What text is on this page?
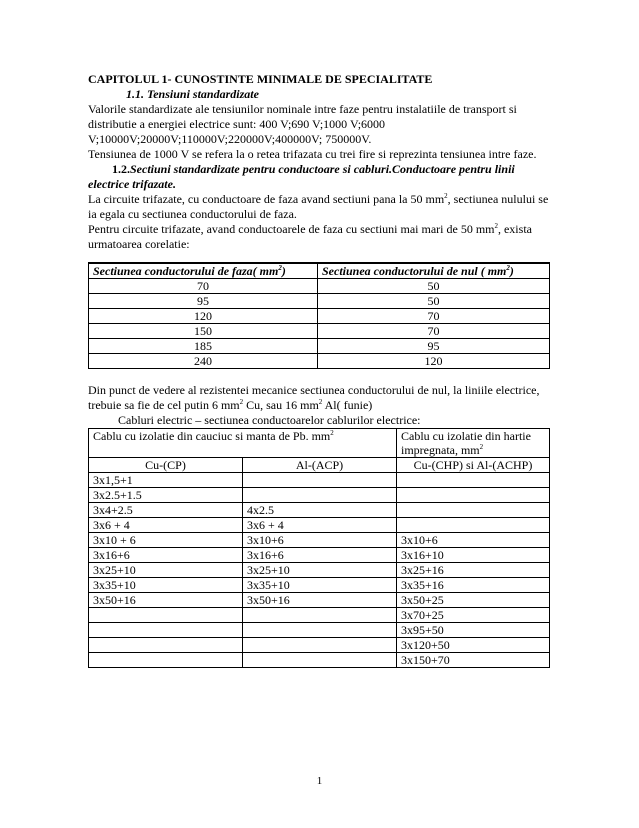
CAPITOLUL 1- CUNOSTINTE MINIMALE DE SPECIALITATE

1.1. Tensiuni standardizate

Valorile standardizate ale tensiunilor nominale intre faze pentru instalatiile de transport si distributie a energiei electrice sunt: 400 V;690 V;1000 V;6000 V;10000V;20000V;110000V;220000V;400000V; 750000V.

Tensiunea de 1000 V se refera la o retea trifazata cu trei fire si reprezinta tensiunea intre faze.

1.2.Sectiuni standardizate pentru conductoare si cabluri.Conductoare pentru linii

electrice trifazate.

La circuite trifazate, cu conductoare de faza avand sectiuni pana la 50 $mm^2$, sectiunea nulului se ia egala cu sectiunea conductorului de faza.

Pentru circuite trifazate, avand conductoarele de faza cu sectiuni mai mari de 50 $mm^2$, exista urmatoarea corelatie:

Sectiunea conductorului de faza( $mm^2$)	Sectiunea conductorului de nul ( $mm^2$)
70	50
95	50
120	70
150	70
185	95
240	120

Din punct de vedere al rezistentei mecanice sectiunea conductorului de nul, la liniile electrice, trebuie sa fie de cel putin 6 $mm^2$ Cu, sau 16 $mm^2$ Al( funie)

Cabluri electric – sectiunea conductoarelor cablurilor electrice:

Cablu cu izolatie din cauciuc si manta de Pb. $mm^2$		Cablu cu izolatie din hartie impregnata, $mm^2$
Cu-(CP)	Al-(ACP)	Cu-(CHP) si Al-(ACHP)
3x1,5+1		
3x2.5+1.5		
3x4+2.5	4x2.5	
3x6 + 4	3x6 + 4	
3x10 + 6	3x10+6	3x10+6
3x16+6	3x16+6	3x16+10
3x25+10	3x25+10	3x25+16
3x35+10	3x35+10	3x35+16
3x50+16	3x50+16	3x50+25
		3x70+25
		3x95+50
		3x120+50
		3x150+70
1
